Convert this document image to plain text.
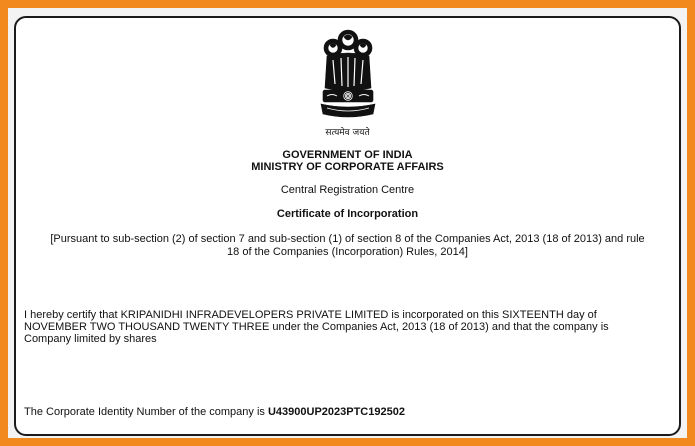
सत्यमेव जयते
GOVERNMENT OF INDIA
MINISTRY OF CORPORATE AFFAIRS
Central Registration Centre
Certificate of Incorporation
[Pursuant to sub-section (2) of section 7 and sub-section (1) of section 8 of the Companies Act, 2013 (18 of 2013) and rule
18 of the Companies (Incorporation) Rules, 2014]
I hereby certify that KRIPANIDHI INFRADEVELOPERS PRIVATE LIMITED is incorporated on this SIXTEENTH day of
NOVEMBER TWO THOUSAND TWENTY THREE under the Companies Act, 2013 (18 of 2013) and that the company is
Company limited by shares
The Corporate Identity Number of the company is U43900UP2023PTC192502
